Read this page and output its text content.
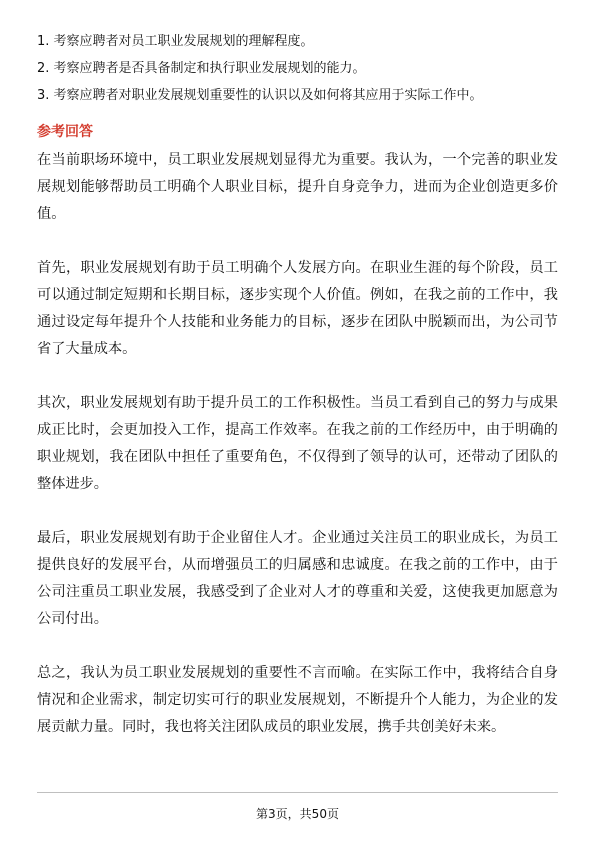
1. 考察应聘者对员工职业发展规划的理解程度。
2. 考察应聘者是否具备制定和执行职业发展规划的能力。
3. 考察应聘者对职业发展规划重要性的认识以及如何将其应用于实际工作中。
参考回答

在当前职场环境中，员工职业发展规划显得尤为重要。我认为，一个完善的职业发展规划能够帮助员工明确个人职业目标，提升自身竞争力，进而为企业创造更多价值。

首先，职业发展规划有助于员工明确个人发展方向。在职业生涯的每个阶段，员工可以通过制定短期和长期目标，逐步实现个人价值。例如，在我之前的工作中，我通过设定每年提升个人技能和业务能力的目标，逐步在团队中脱颖而出，为公司节省了大量成本。

其次，职业发展规划有助于提升员工的工作积极性。当员工看到自己的努力与成果成正比时，会更加投入工作，提高工作效率。在我之前的工作经历中，由于明确的职业规划，我在团队中担任了重要角色，不仅得到了领导的认可，还带动了团队的整体进步。

最后，职业发展规划有助于企业留住人才。企业通过关注员工的职业成长，为员工提供良好的发展平台，从而增强员工的归属感和忠诚度。在我之前的工作中，由于公司注重员工职业发展，我感受到了企业对人才的尊重和关爱，这使我更加愿意为公司付出。

总之，我认为员工职业发展规划的重要性不言而喻。在实际工作中，我将结合自身情况和企业需求，制定切实可行的职业发展规划，不断提升个人能力，为企业的发展贡献力量。同时，我也将关注团队成员的职业发展，携手共创美好未来。

第3页，共50页
